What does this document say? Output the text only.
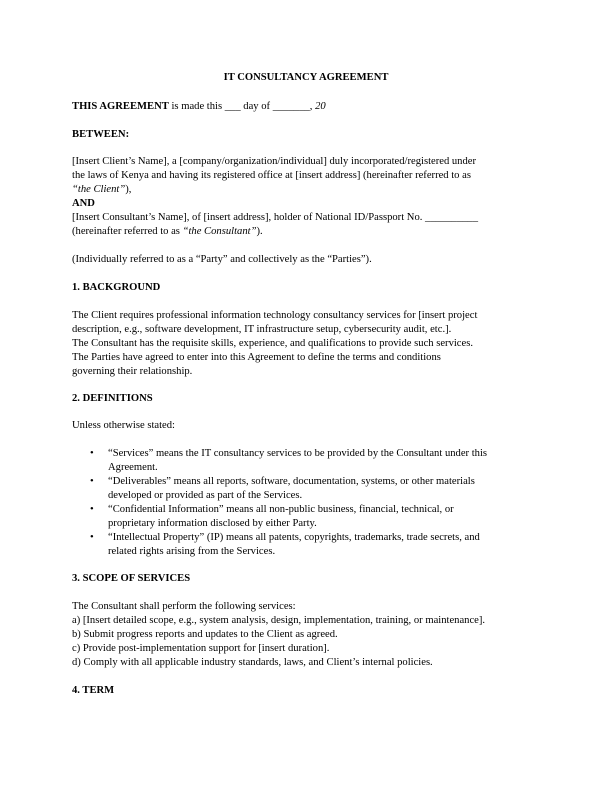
IT CONSULTANCY AGREEMENT
THIS AGREEMENT is made this ___ day of _______, 20
BETWEEN:
[Insert Client’s Name], a [company/organization/individual] duly incorporated/registered under
the laws of Kenya and having its registered office at [insert address] (hereinafter referred to as
“the Client”),
AND
[Insert Consultant’s Name], of [insert address], holder of National ID/Passport No. __________
(hereinafter referred to as “the Consultant”).
(Individually referred to as a “Party” and collectively as the “Parties”).
1. BACKGROUND
The Client requires professional information technology consultancy services for [insert project
description, e.g., software development, IT infrastructure setup, cybersecurity audit, etc.].
The Consultant has the requisite skills, experience, and qualifications to provide such services.
The Parties have agreed to enter into this Agreement to define the terms and conditions
governing their relationship.
2. DEFINITIONS
Unless otherwise stated:
• “Services” means the IT consultancy services to be provided by the Consultant under this
Agreement.
• “Deliverables” means all reports, software, documentation, systems, or other materials
developed or provided as part of the Services.
• “Confidential Information” means all non-public business, financial, technical, or
proprietary information disclosed by either Party.
• “Intellectual Property” (IP) means all patents, copyrights, trademarks, trade secrets, and
related rights arising from the Services.
3. SCOPE OF SERVICES
The Consultant shall perform the following services:
a) [Insert detailed scope, e.g., system analysis, design, implementation, training, or maintenance].
b) Submit progress reports and updates to the Client as agreed.
c) Provide post-implementation support for [insert duration].
d) Comply with all applicable industry standards, laws, and Client’s internal policies.
4. TERM
